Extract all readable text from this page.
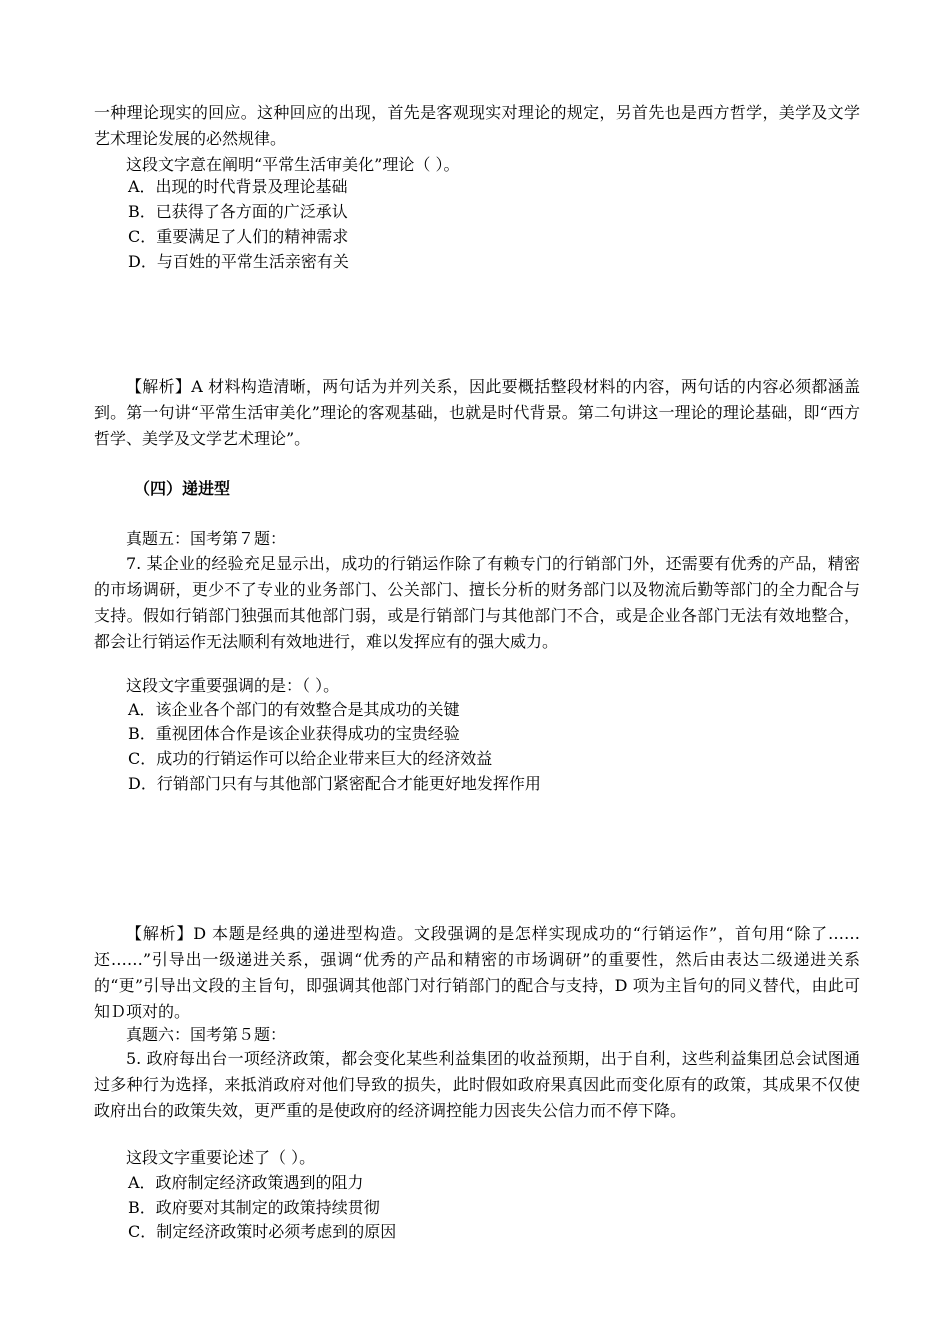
一种理论现实的回应。这种回应的出现，首先是客观现实对理论的规定，另首先也是西方哲学，美学及文学艺术理论发展的必然规律。

这段文字意在阐明“平常生活审美化”理论（ ）。

A．出现的时代背景及理论基础
B．已获得了各方面的广泛承认
C．重要满足了人们的精神需求
D．与百姓的平常生活亲密有关

【解析】A 材料构造清晰，两句话为并列关系，因此要概括整段材料的内容，两句话的内容必须都涵盖到。第一句讲“平常生活审美化”理论的客观基础，也就是时代背景。第二句讲这一理论的理论基础，即“西方哲学、美学及文学艺术理论”。

（四）递进型

真题五：国考第７题：

7. 某企业的经验充足显示出，成功的行销运作除了有赖专门的行销部门外，还需要有优秀的产品，精密的市场调研，更少不了专业的业务部门、公关部门、擅长分析的财务部门以及物流后勤等部门的全力配合与支持。假如行销部门独强而其他部门弱，或是行销部门与其他部门不合，或是企业各部门无法有效地整合，都会让行销运作无法顺利有效地进行，难以发挥应有的强大威力。

这段文字重要强调的是：（ ）。

A．该企业各个部门的有效整合是其成功的关键
B．重视团体合作是该企业获得成功的宝贵经验
C．成功的行销运作可以给企业带来巨大的经济效益
D．行销部门只有与其他部门紧密配合才能更好地发挥作用

【解析】D 本题是经典的递进型构造。文段强调的是怎样实现成功的“行销运作”，首句用“除了……还……”引导出一级递进关系，强调“优秀的产品和精密的市场调研”的重要性，然后由表达二级递进关系的“更”引导出文段的主旨句，即强调其他部门对行销部门的配合与支持，D 项为主旨句的同义替代，由此可知Ｄ项对的。

真题六：国考第５题：

5. 政府每出台一项经济政策，都会变化某些利益集团的收益预期，出于自利，这些利益集团总会试图通过多种行为选择，来抵消政府对他们导致的损失，此时假如政府果真因此而变化原有的政策，其成果不仅使政府出台的政策失效，更严重的是使政府的经济调控能力因丧失公信力而不停下降。

这段文字重要论述了（ ）。

A．政府制定经济政策遇到的阻力
B．政府要对其制定的政策持续贯彻
C．制定经济政策时必须考虑到的原因
